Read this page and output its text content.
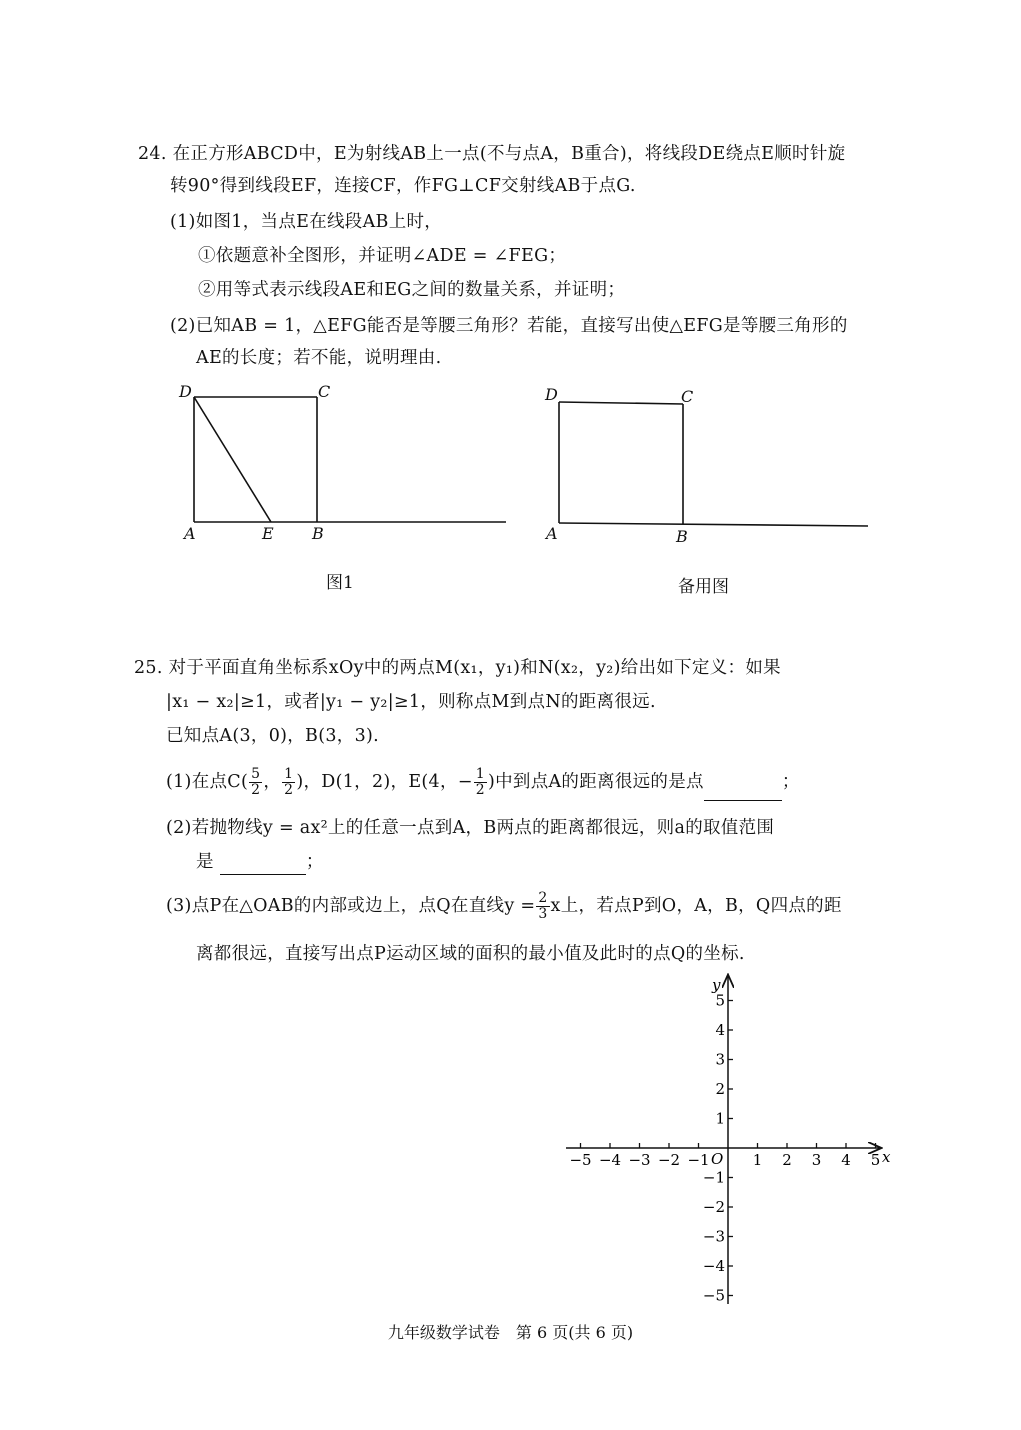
24. 在正方形ABCD中，E为射线AB上一点(不与点A，B重合)，将线段DE绕点E顺时针旋
转90°得到线段EF，连接CF，作FG⊥CF交射线AB于点G.
(1)如图1，当点E在线段AB上时，
①依题意补全图形，并证明∠ADE = ∠FEG；
②用等式表示线段AE和EG之间的数量关系，并证明；
(2)已知AB = 1，△EFG能否是等腰三角形？若能，直接写出使△EFG是等腰三角形的
AE的长度；若不能，说明理由.
D	C
A	E B
图1
D	C
A	B
备用图
25. 对于平面直角坐标系xOy中的两点M(x₁，y₁)和N(x₂，y₂)给出如下定义：如果
|x₁ − x₂|≥1，或者|y₁ − y₂|≥1，则称点M到点N的距离很远.
已知点A(3，0)，B(3，3).
(1)在点$C( \frac{5}{2}$ ， $\frac{1}{2}$ )，D(1，2)，E(4，− $\frac{1}{2}$ )中到点A的距离很远的是点	；
(2)若抛物线y = ax²上的任意一点到A，B两点的距离都很远，则a的取值范围
是	；
(3)点P在△OAB的内部或边上，点Q在直线$y = \frac{2}{3}$ x上，若点P到O，A，B，Q四点的距
离都很远，直接写出点P运动区域的面积的最小值及此时的点Q的坐标.
−5 −4 −3 −2 −1	1 2 3 4 5
5
4
3
2
1
−1
−2
−3
−4
−5
x
y
O
九年级数学试卷　第 6 页(共 6 页)
